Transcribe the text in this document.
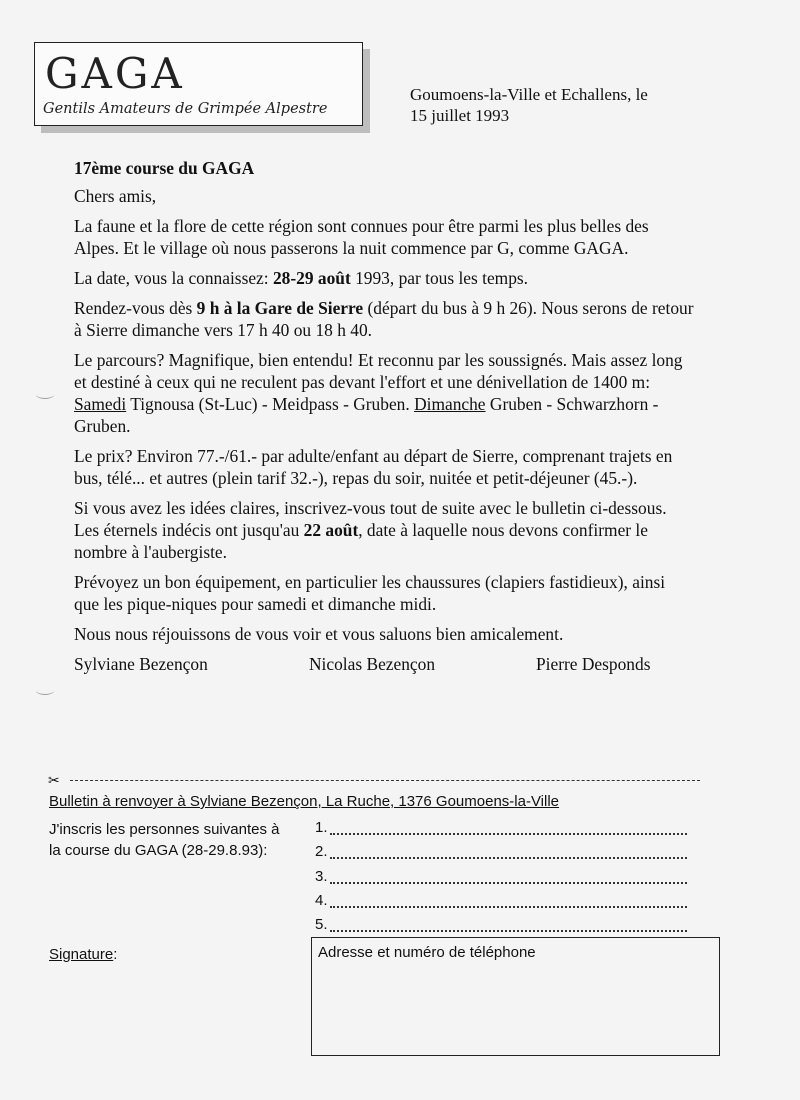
GAGA
Gentils Amateurs de Grimpée Alpestre
Goumoens-la-Ville et Echallens, le
15 juillet 1993

17ème course du GAGA

Chers amis,

La faune et la flore de cette région sont connues pour être parmi les plus belles des Alpes. Et le village où nous passerons la nuit commence par G, comme GAGA.

La date, vous la connaissez: 28-29 août 1993, par tous les temps.

Rendez-vous dès 9 h à la Gare de Sierre (départ du bus à 9 h 26). Nous serons de retour à Sierre dimanche vers 17 h 40 ou 18 h 40.

Le parcours? Magnifique, bien entendu! Et reconnu par les soussignés. Mais assez long et destiné à ceux qui ne reculent pas devant l'effort et une dénivellation de 1400 m: Samedi Tignousa (St-Luc) - Meidpass - Gruben. Dimanche Gruben - Schwarzhorn - Gruben.

Le prix? Environ 77.-/61.- par adulte/enfant au départ de Sierre, comprenant trajets en bus, télé... et autres (plein tarif 32.-), repas du soir, nuitée et petit-déjeuner (45.-).

Si vous avez les idées claires, inscrivez-vous tout de suite avec le bulletin ci-dessous. Les éternels indécis ont jusqu'au 22 août, date à laquelle nous devons confirmer le nombre à l'aubergiste.

Prévoyez un bon équipement, en particulier les chaussures (clapiers fastidieux), ainsi que les pique-niques pour samedi et dimanche midi.

Nous nous réjouissons de vous voir et vous saluons bien amicalement.

Sylviane Bezençon	Nicolas Bezençon	Pierre Desponds
✂
Bulletin à renvoyer à Sylviane Bezençon, La Ruche, 1376 Goumoens-la-Ville
J'inscris les personnes suivantes à
la course du GAGA (28-29.8.93):
1.
2.
3.
4.
5.
Signature:	Adresse et numéro de téléphone
